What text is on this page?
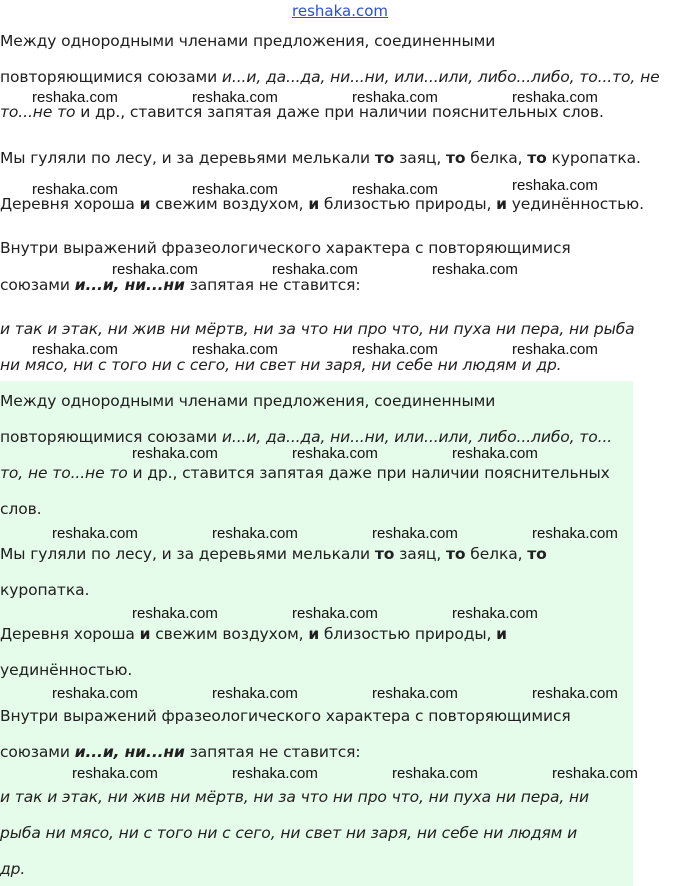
reshaka.com
Между однородными членами предложения, соединенными
повторяющимися союзами и...и, да...да, ни...ни, или...или, либо...либо, то...то, не
то...не то и др., ставится запятая даже при наличии пояснительных слов.
Мы гуляли по лесу, и за деревьями мелькали то заяц, то белка, то куропатка.
Деревня хороша и свежим воздухом, и близостью природы, и уединённостью.
Внутри выражений фразеологического характера с повторяющимися
союзами и...и, ни...ни запятая не ставится:
и так и этак, ни жив ни мёртв, ни за что ни про что, ни пуха ни пера, ни рыба
ни мясо, ни с того ни с сего, ни свет ни заря, ни себе ни людям и др.
Между однородными членами предложения, соединенными
повторяющимися союзами и...и, да...да, ни...ни, или...или, либо...либо, то...
то, не то...не то и др., ставится запятая даже при наличии пояснительных
слов.
Мы гуляли по лесу, и за деревьями мелькали то заяц, то белка, то
куропатка.
Деревня хороша и свежим воздухом, и близостью природы, и
уединённостью.
Внутри выражений фразеологического характера с повторяющимися
союзами и...и, ни...ни запятая не ставится:
и так и этак, ни жив ни мёртв, ни за что ни про что, ни пуха ни пера, ни
рыба ни мясо, ни с того ни с сего, ни свет ни заря, ни себе ни людям и
др.
reshaka.com	reshaka.com	reshaka.com	reshaka.com
reshaka.com	reshaka.com	reshaka.com	reshaka.com
reshaka.com	reshaka.com	reshaka.com
reshaka.com	reshaka.com	reshaka.com	reshaka.com
reshaka.com	reshaka.com	reshaka.com
reshaka.com	reshaka.com	reshaka.com	reshaka.com
reshaka.com	reshaka.com	reshaka.com
reshaka.com	reshaka.com	reshaka.com	reshaka.com
reshaka.com	reshaka.com	reshaka.com	reshaka.com
